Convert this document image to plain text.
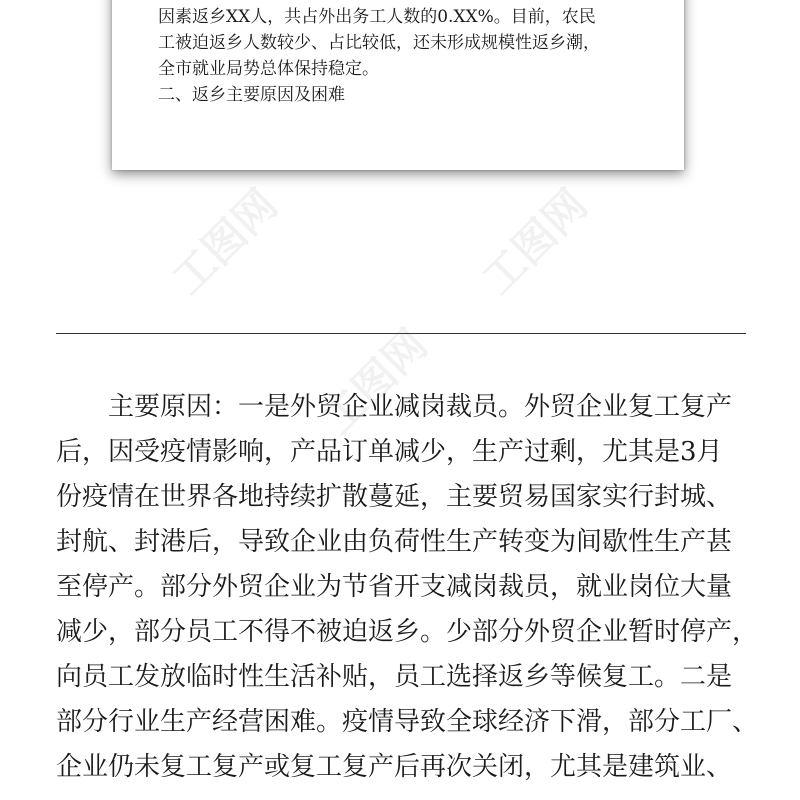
因素返乡XX人，共占外出务工人数的0.XX%。目前，农民

工被迫返乡人数较少、占比较低，还未形成规模性返乡潮，

全市就业局势总体保持稳定。

二、返乡主要原因及困难

工图网	工图网
工图网

主要原因：一是外贸企业减岗裁员。外贸企业复工复产

后，因受疫情影响，产品订单减少，生产过剩，尤其是3月

份疫情在世界各地持续扩散蔓延，主要贸易国家实行封城、

封航、封港后，导致企业由负荷性生产转变为间歇性生产甚

至停产。部分外贸企业为节省开支减岗裁员，就业岗位大量

减少，部分员工不得不被迫返乡。少部分外贸企业暂时停产，

向员工发放临时性生活补贴，员工选择返乡等候复工。二是

部分行业生产经营困难。疫情导致全球经济下滑，部分工厂、

企业仍未复工复产或复工复产后再次关闭，尤其是建筑业、
